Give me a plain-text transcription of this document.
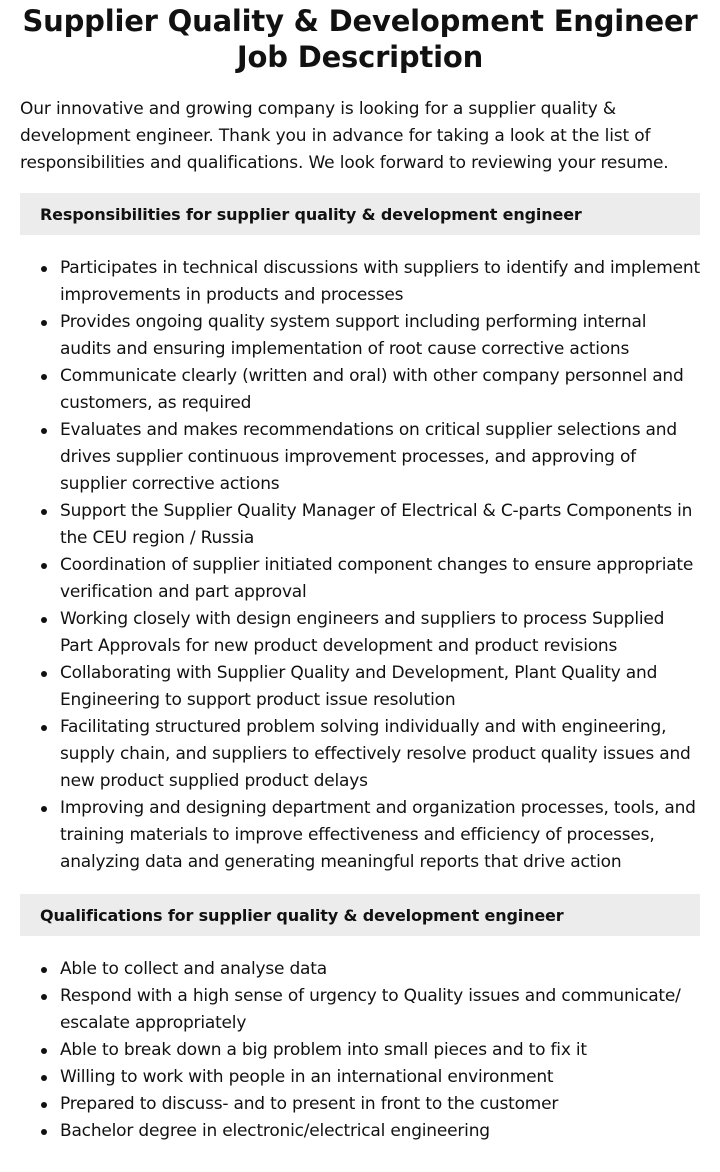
Supplier Quality & Development Engineer Job Description

Our innovative and growing company is looking for a supplier quality & development engineer. Thank you in advance for taking a look at the list of responsibilities and qualifications. We look forward to reviewing your resume.

Responsibilities for supplier quality & development engineer
Participates in technical discussions with suppliers to identify and implement improvements in products and processes
Provides ongoing quality system support including performing internal audits and ensuring implementation of root cause corrective actions
Communicate clearly (written and oral) with other company personnel and customers, as required
Evaluates and makes recommendations on critical supplier selections and drives supplier continuous improvement processes, and approving of supplier corrective actions
Support the Supplier Quality Manager of Electrical & C-parts Components in the CEU region / Russia
Coordination of supplier initiated component changes to ensure appropriate verification and part approval
Working closely with design engineers and suppliers to process Supplied Part Approvals for new product development and product revisions
Collaborating with Supplier Quality and Development, Plant Quality and Engineering to support product issue resolution
Facilitating structured problem solving individually and with engineering, supply chain, and suppliers to effectively resolve product quality issues and new product supplied product delays
Improving and designing department and organization processes, tools, and training materials to improve effectiveness and efficiency of processes, analyzing data and generating meaningful reports that drive action
Qualifications for supplier quality & development engineer
Able to collect and analyse data
Respond with a high sense of urgency to Quality issues and communicate/ escalate appropriately
Able to break down a big problem into small pieces and to fix it
Willing to work with people in an international environment
Prepared to discuss- and to present in front to the customer
Bachelor degree in electronic/electrical engineering
